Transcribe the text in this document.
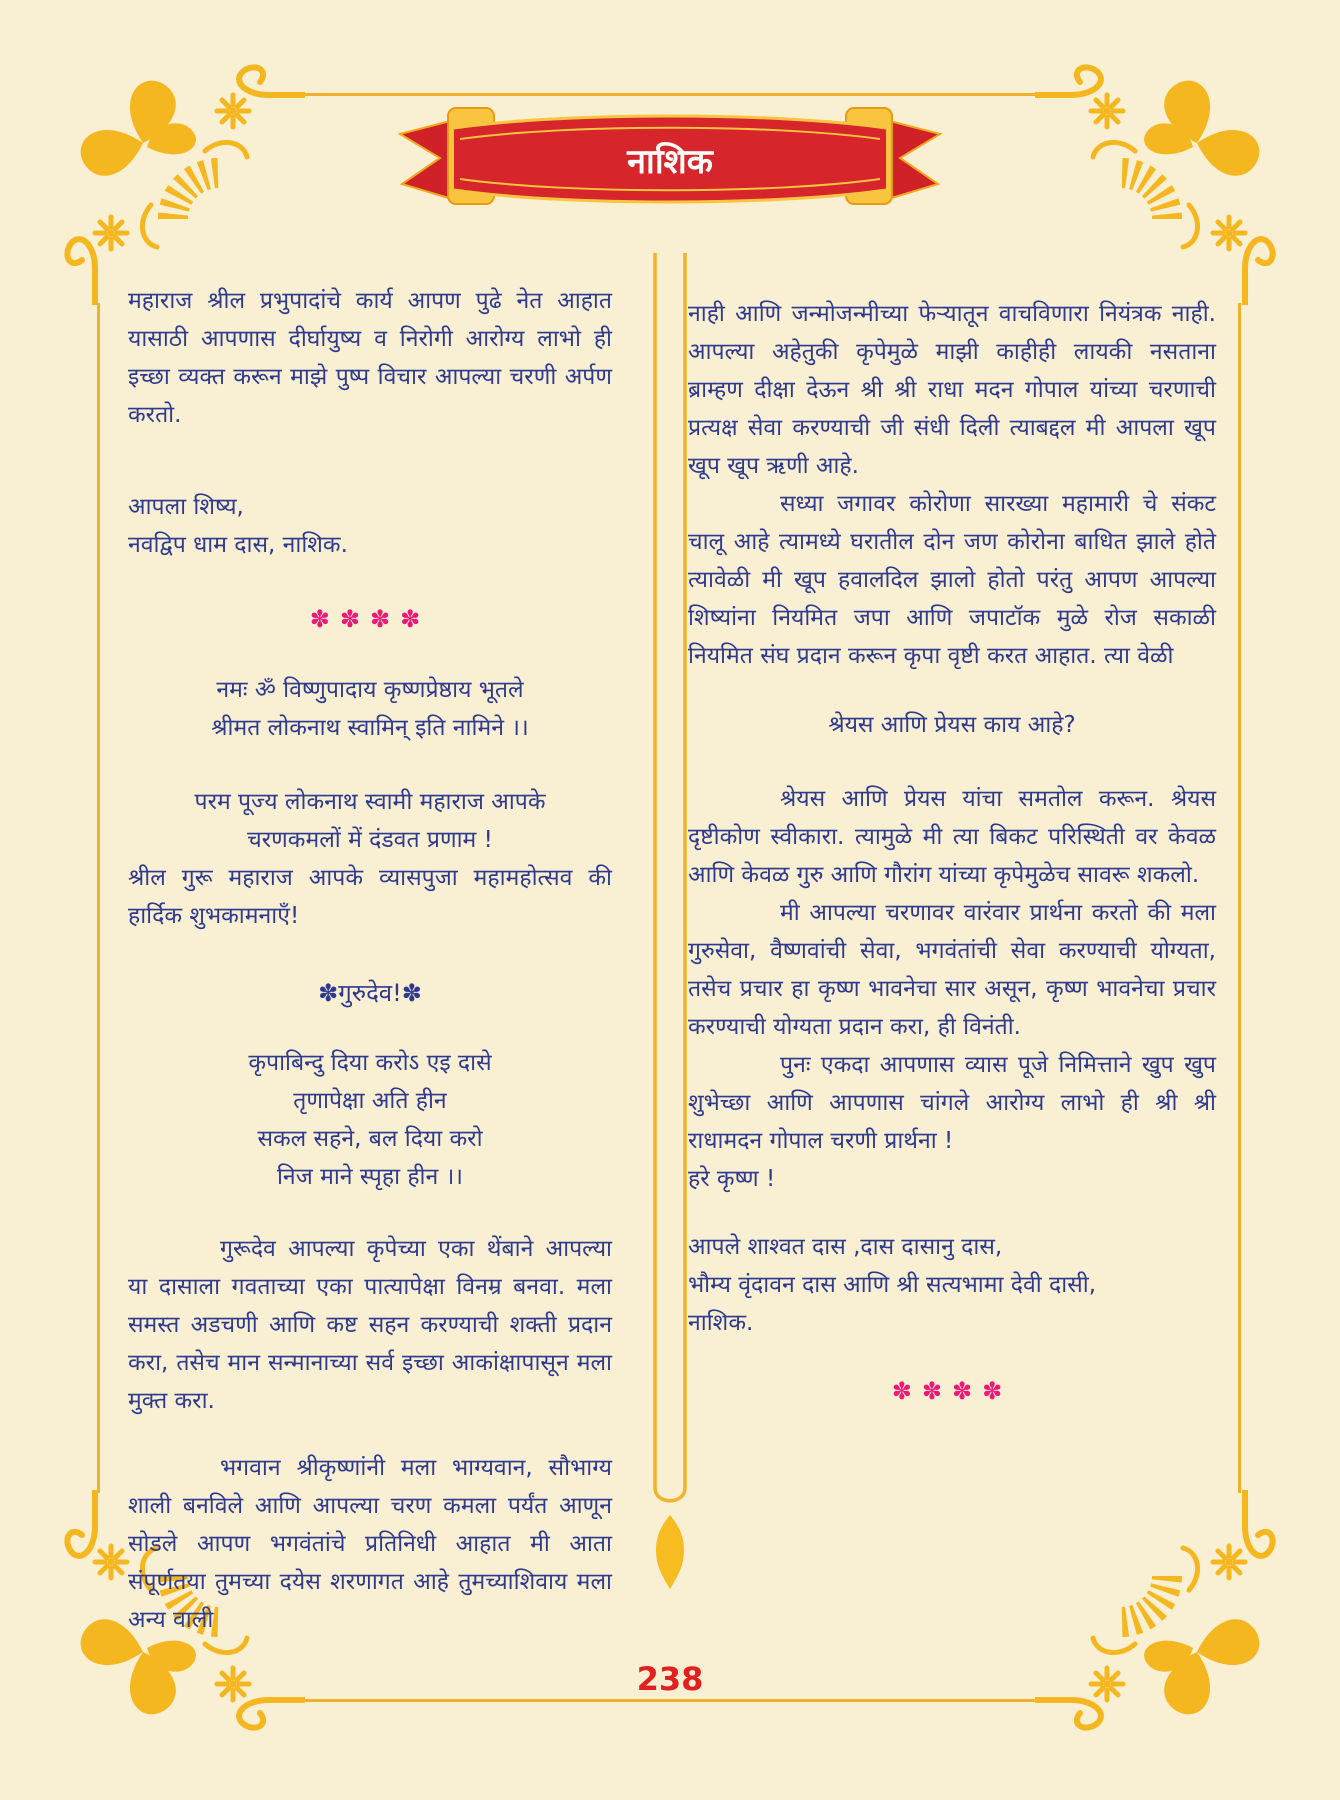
नाशिक

महाराज श्रील प्रभुपादांचे कार्य आपण पुढे नेत आहात यासाठी आपणास दीर्घायुष्य व निरोगी आरोग्य लाभो ही इच्छा व्यक्त करून माझे पुष्प विचार आपल्या चरणी अर्पण करतो.

आपला शिष्य,

नवद्विप धाम दास, नाशिक.

✽✽✽✽

नमः ॐ विष्णुपादाय कृष्णप्रेष्ठाय भूतले

श्रीमत लोकनाथ स्वामिन् इति नामिने ।।

परम पूज्य लोकनाथ स्वामी महाराज आपके

चरणकमलों में दंडवत प्रणाम !

श्रील गुरू महाराज आपके व्यासपुजा महामहोत्सव की हार्दिक शुभकामनाएँ!

✽गुरुदेव!✽

कृपाबिन्दु दिया करोऽ एइ दासे

तृणापेक्षा अति हीन

सकल सहने, बल दिया करो

निज माने स्पृहा हीन ।।

गुरूदेव आपल्या कृपेच्या एका थेंबाने आपल्या या दासाला गवताच्या एका पात्यापेक्षा विनम्र बनवा. मला समस्त अडचणी आणि कष्ट सहन करण्याची शक्ती प्रदान करा, तसेच मान सन्मानाच्या सर्व इच्छा आकांक्षापासून मला मुक्त करा.

भगवान श्रीकृष्णांनी मला भाग्यवान, सौभाग्य शाली बनविले आणि आपल्या चरण कमला पर्यंत आणून सोडले आपण भगवंतांचे प्रतिनिधी आहात मी आता संपूर्णतया तुमच्या दयेस शरणागत आहे तुमच्याशिवाय मला अन्य वाली

नाही आणि जन्मोजन्मीच्या फेऱ्यातून वाचविणारा नियंत्रक नाही. आपल्या अहेतुकी कृपेमुळे माझी काहीही लायकी नसताना ब्राम्हण दीक्षा देऊन श्री श्री राधा मदन गोपाल यांच्या चरणाची प्रत्यक्ष सेवा करण्याची जी संधी दिली त्याबद्दल मी आपला खूप खूप खूप ऋणी आहे.

सध्या जगावर कोरोणा सारख्या महामारी चे संकट चालू आहे त्यामध्ये घरातील दोन जण कोरोना बाधित झाले होते त्यावेळी मी खूप हवालदिल झालो होतो परंतु आपण आपल्या शिष्यांना नियमित जपा आणि जपाटॉक मुळे रोज सकाळी नियमित संघ प्रदान करून कृपा वृष्टी करत आहात. त्या वेळी

श्रेयस आणि प्रेयस काय आहे?

श्रेयस आणि प्रेयस यांचा समतोल करून. श्रेयस दृष्टीकोण स्वीकारा. त्यामुळे मी त्या बिकट परिस्थिती वर केवळ आणि केवळ गुरु आणि गौरांग यांच्या कृपेमुळेच सावरू शकलो.

मी आपल्या चरणावर वारंवार प्रार्थना करतो की मला गुरुसेवा, वैष्णवांची सेवा, भगवंतांची सेवा करण्याची योग्यता, तसेच प्रचार हा कृष्ण भावनेचा सार असून, कृष्ण भावनेचा प्रचार करण्याची योग्यता प्रदान करा, ही विनंती.

पुनः एकदा आपणास व्यास पूजे निमित्ताने खुप खुप शुभेच्छा आणि आपणास चांगले आरोग्य लाभो ही श्री श्री राधामदन गोपाल चरणी प्रार्थना !

हरे कृष्ण !

आपले शाश्वत दास ,दास दासानु दास,

भौम्य वृंदावन दास आणि श्री सत्यभामा देवी दासी,

नाशिक.

✽✽✽✽

238
